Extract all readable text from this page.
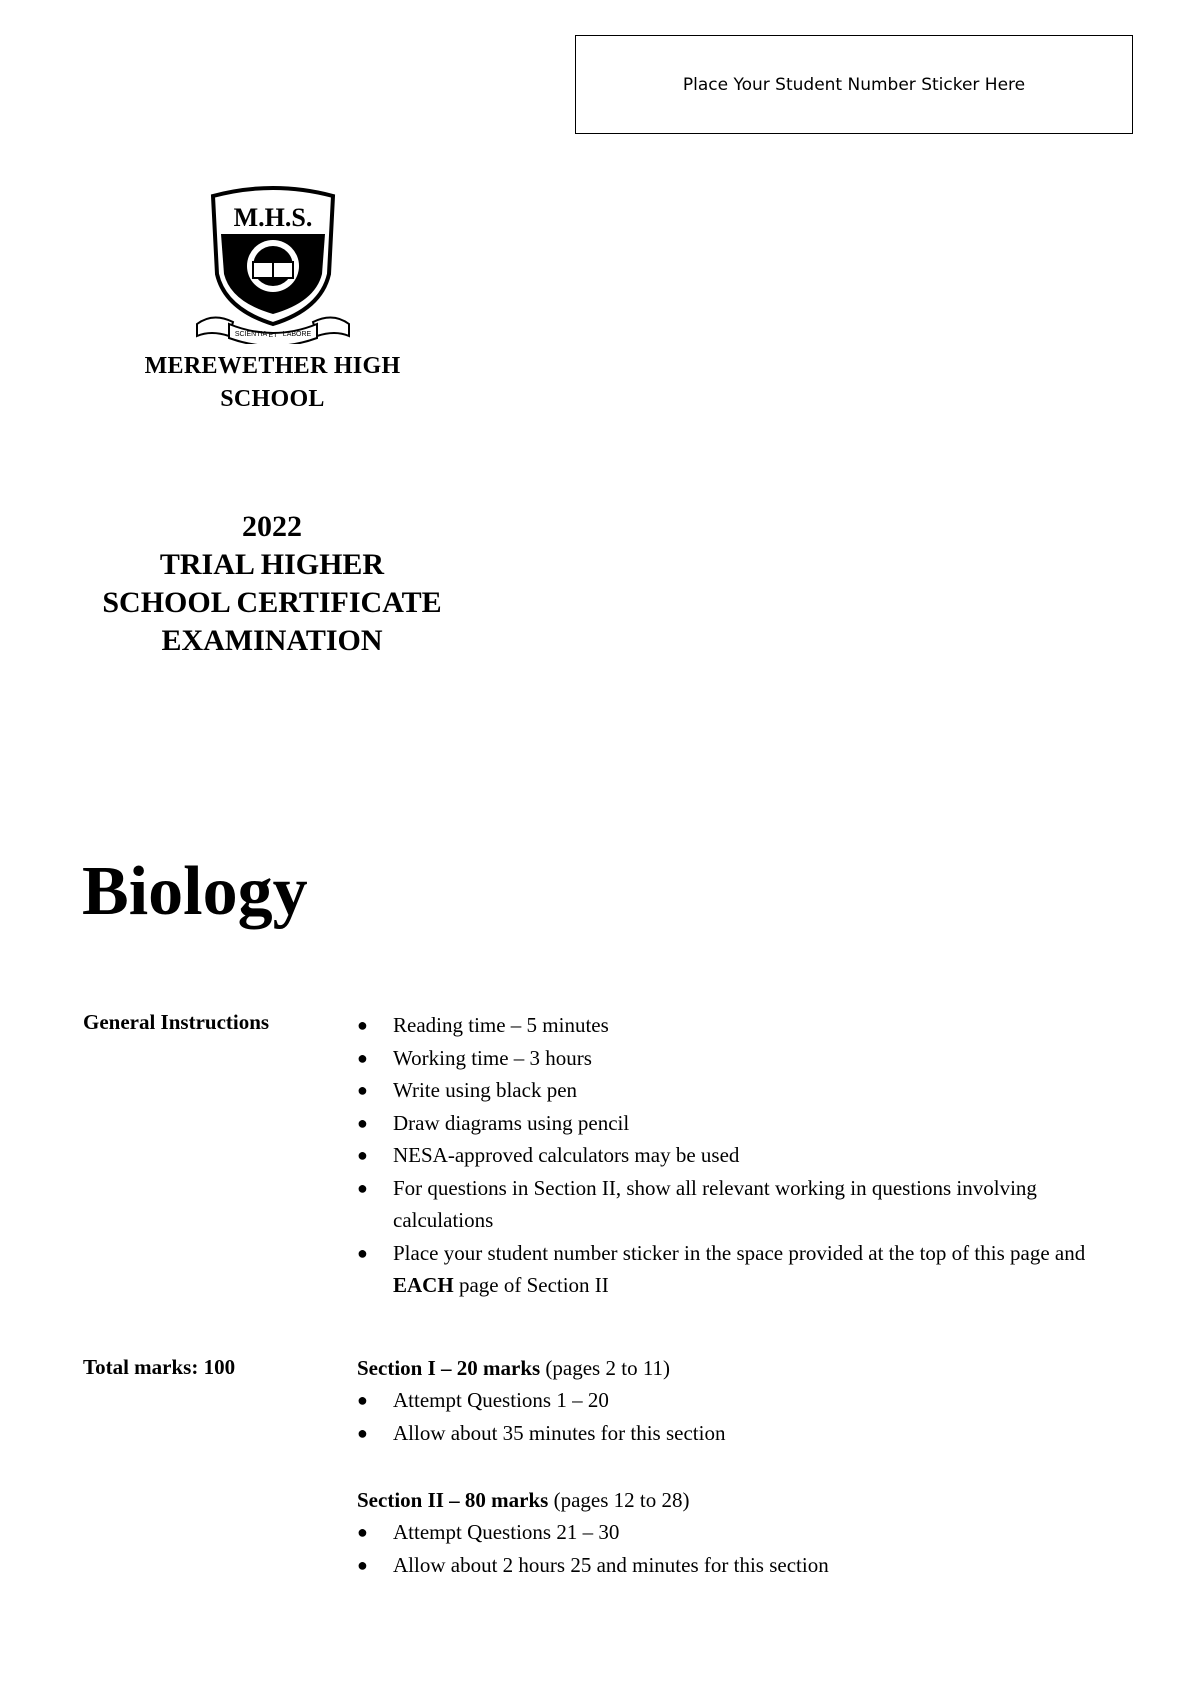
Place Your Student Number Sticker Here
M.H.S.
SCIENTIA ET LABORE
MEREWETHER HIGH
SCHOOL
2022
TRIAL HIGHER
SCHOOL CERTIFICATE
EXAMINATION
Biology
General Instructions	● Reading time – 5 minutes
● Working time – 3 hours
● Write using black pen
● Draw diagrams using pencil
● NESA-approved calculators may be used
● For questions in Section II, show all relevant working in questions involving calculations
● Place your student number sticker in the space provided at the top of this page and EACH page of Section II
Total marks: 100	Section I – 20 marks (pages 2 to 11)
● Attempt Questions 1 – 20
● Allow about 35 minutes for this section
Section II – 80 marks (pages 12 to 28)
● Attempt Questions 21 – 30
● Allow about 2 hours 25 and minutes for this section
